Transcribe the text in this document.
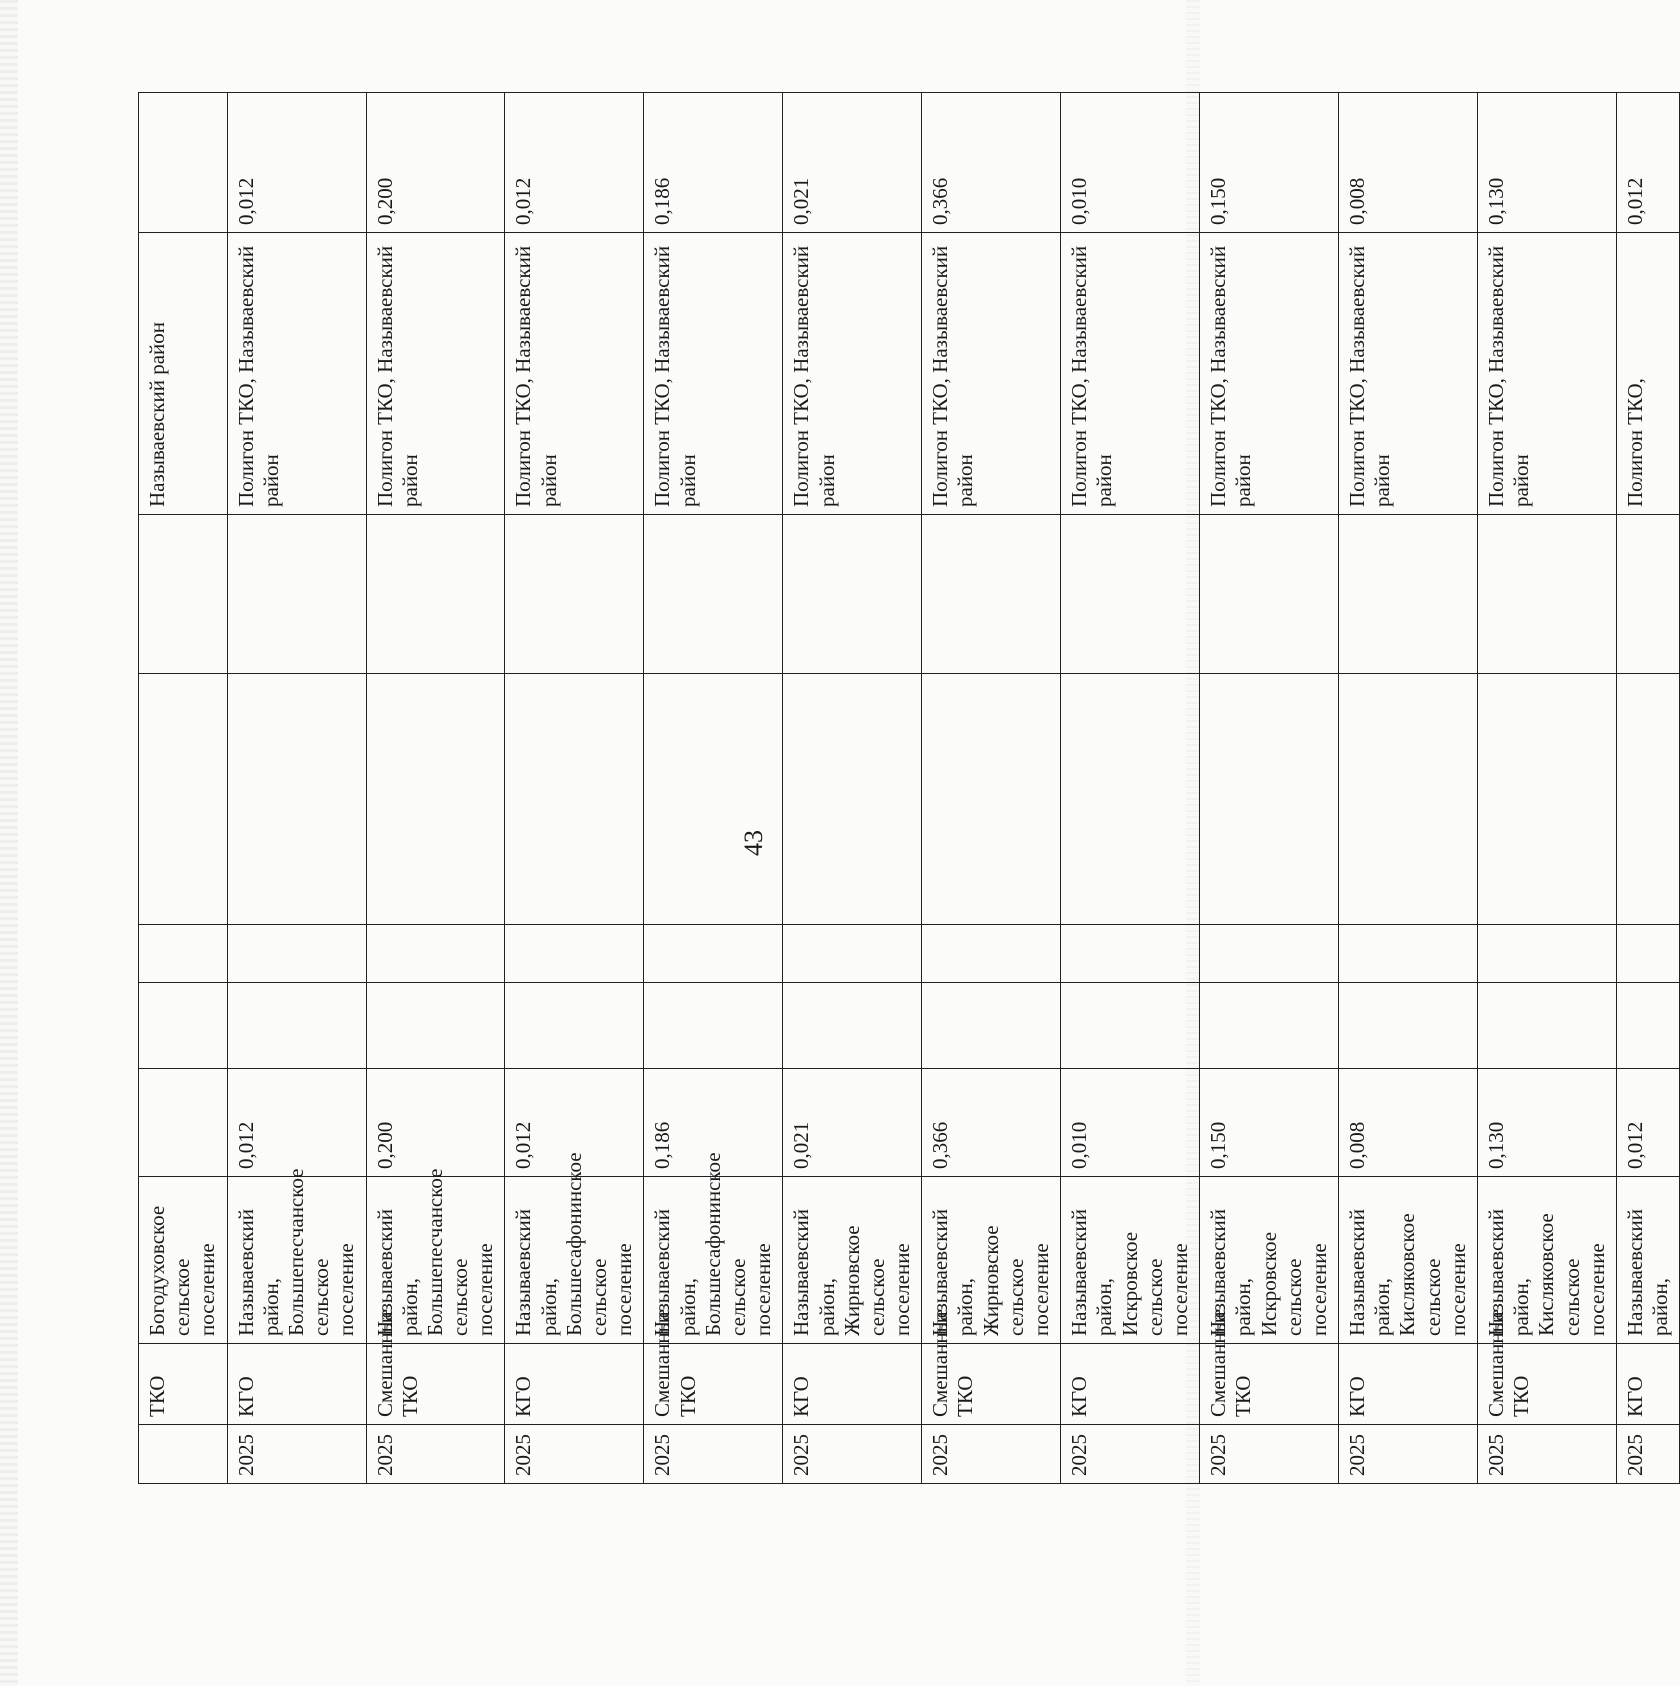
43
	ТКО	Богодуховское сельское поселение						Называевский район	
2025	КГО	Называевский район, Большепесчанское сельское поселение	0,012					Полигон ТКО, Называевский район	0,012
2025	Смешанные ТКО	Называевский район, Большепесчанское сельское поселение	0,200					Полигон ТКО, Называевский район	0,200
2025	КГО	Называевский район, Большесафонинское сельское поселение	0,012					Полигон ТКО, Называевский район	0,012
2025	Смешанные ТКО	Называевский район, Большесафонинское сельское поселение	0,186					Полигон ТКО, Называевский район	0,186
2025	КГО	Называевский район, Жирновское сельское поселение	0,021					Полигон ТКО, Называевский район	0,021
2025	Смешанные ТКО	Называевский район, Жирновское сельское поселение	0,366					Полигон ТКО, Называевский район	0,366
2025	КГО	Называевский район, Искровское сельское поселение	0,010					Полигон ТКО, Называевский район	0,010
2025	Смешанные ТКО	Называевский район, Искровское сельское поселение	0,150					Полигон ТКО, Называевский район	0,150
2025	КГО	Называевский район, Кисляковское сельское поселение	0,008					Полигон ТКО, Называевский район	0,008
2025	Смешанные ТКО	Называевский район, Кисляковское сельское поселение	0,130					Полигон ТКО, Называевский район	0,130
2025	КГО	Называевский район,	0,012					Полигон ТКО,	0,012
